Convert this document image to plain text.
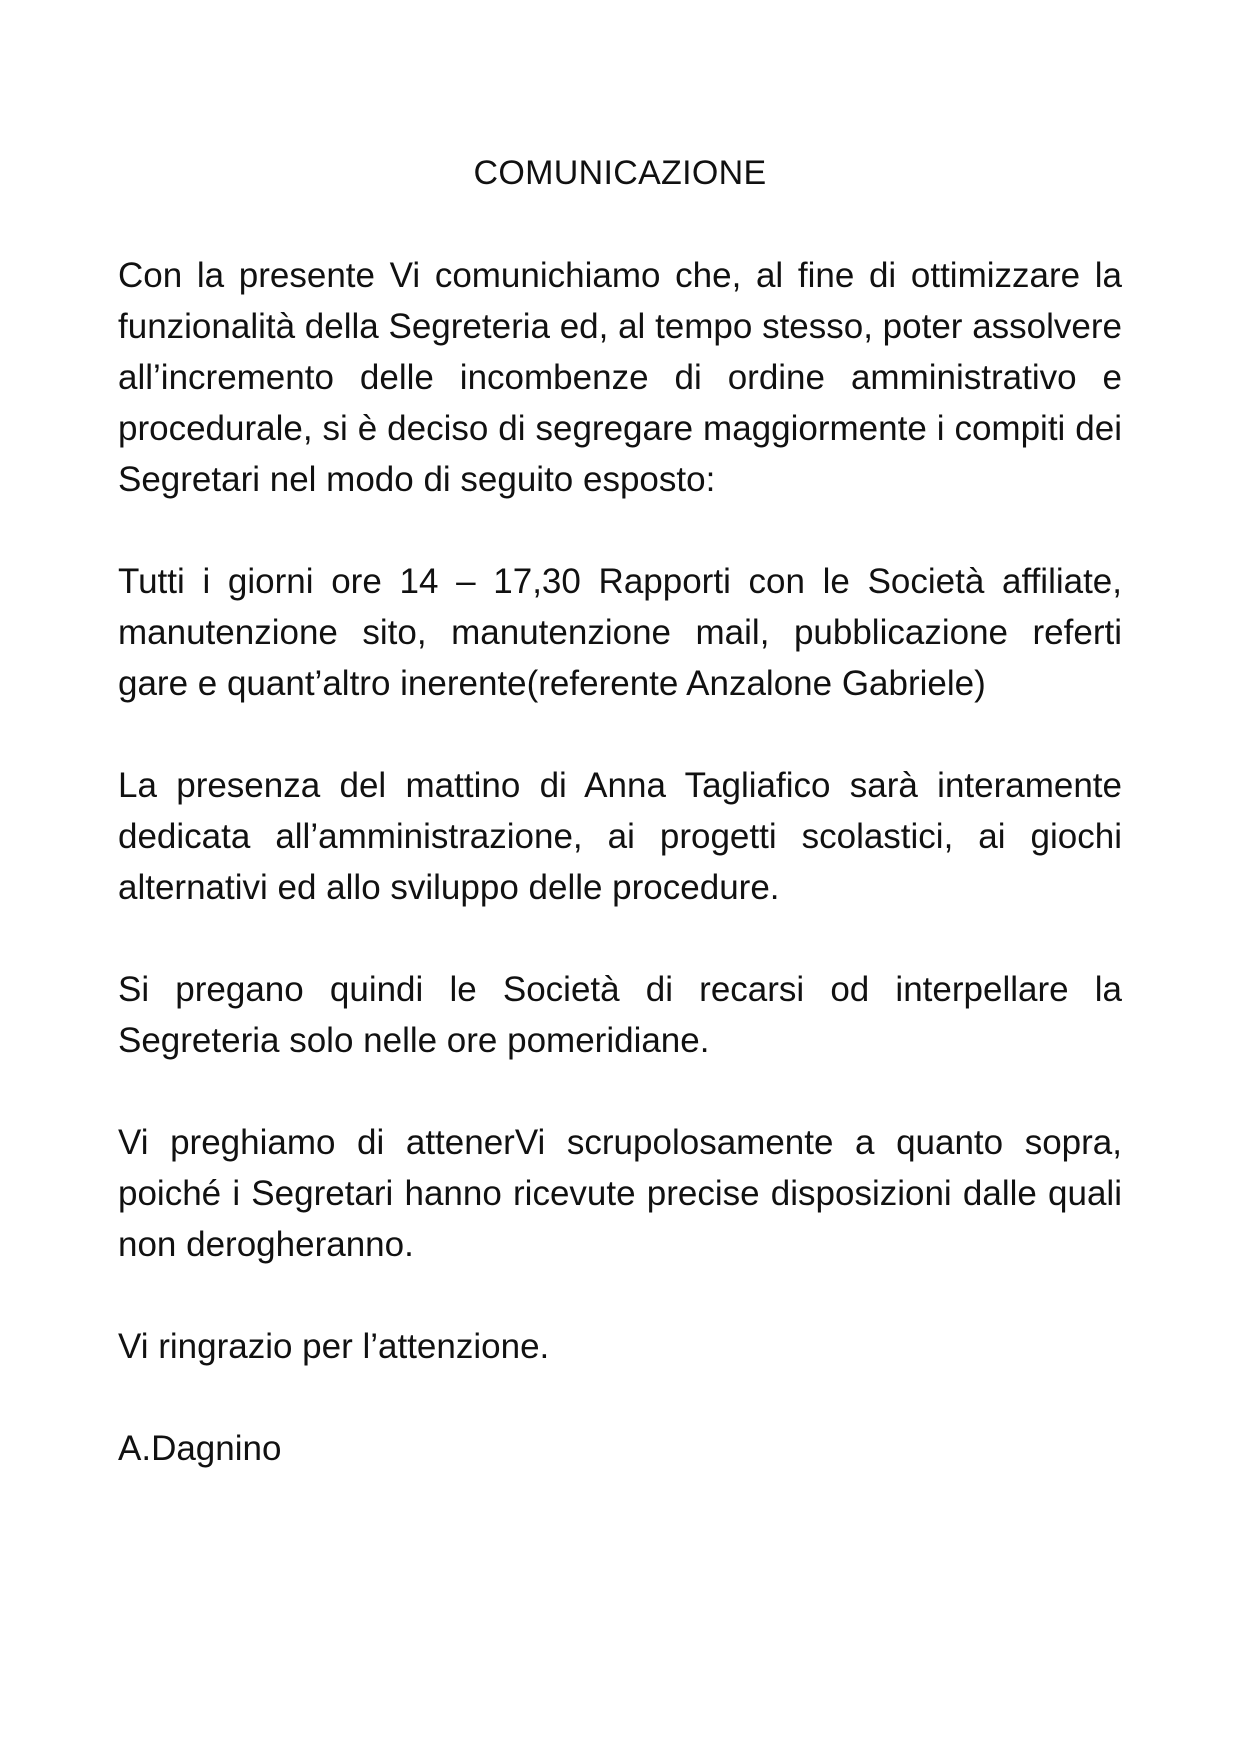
COMUNICAZIONE

Con la presente Vi comunichiamo che, al fine di ottimizzare la funzionalità della Segreteria ed, al tempo stesso, poter assolvere all’incremento delle incombenze di ordine amministrativo e procedurale, si è deciso di segregare maggiormente i compiti dei Segretari nel modo di seguito esposto:

Tutti i giorni ore 14 – 17,30 Rapporti con le Società affiliate, manutenzione sito, manutenzione mail, pubblicazione referti gare e quant’altro inerente(referente Anzalone Gabriele)

La presenza del mattino di Anna Tagliafico sarà interamente dedicata all’amministrazione, ai progetti scolastici, ai giochi alternativi ed allo sviluppo delle procedure.

Si pregano quindi le Società di recarsi od interpellare la Segreteria solo nelle ore pomeridiane.

Vi preghiamo di attenerVi scrupolosamente a quanto sopra, poiché i Segretari hanno ricevute precise disposizioni dalle quali non derogheranno.

Vi ringrazio per l’attenzione.

A.Dagnino
